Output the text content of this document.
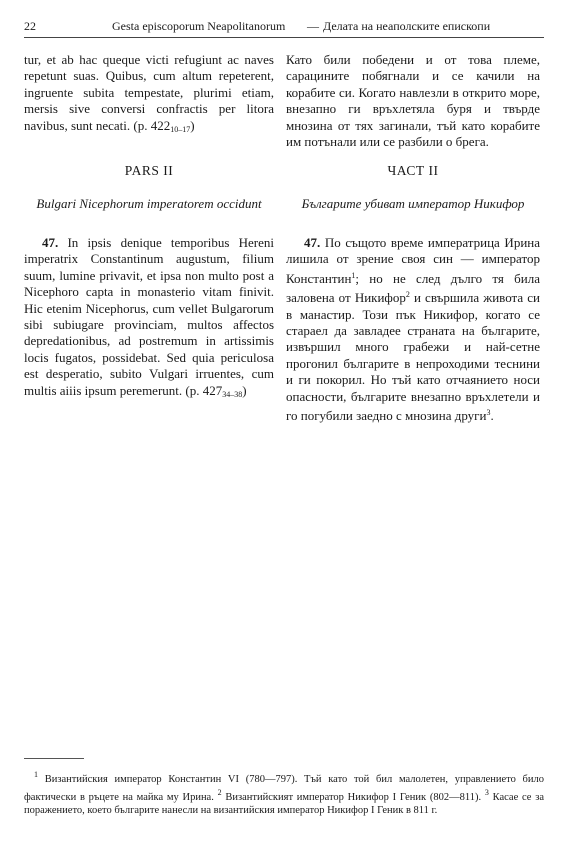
22	Gesta episcoporum Neapolitanorum — Делата на неаполските епископи

tur, et ab hac queque victi refugiunt ac naves repetunt suas. Quibus, cum altum repeterent, ingruente subita tempestate, plurimi etiam, mersis sive conversi confractis per litora navibus, sunt necati. (p. $422_{10-17}$)

Като били победени и от това племе, сарацините побягнали и се качили на корабите си. Когато навлезли в откритo море, внезапно ги връхлетяла буря и твърде мнозина от тях загинали, тъй като корабите им потънали или се разбили о брега.

PARS II	ЧАСТ II
Bulgari Nicephorum imperatorem occidunt	Българите убиват император Никифор

47. In ipsis denique temporibus Hereni imperatrix Constantinum augustum, filium suum, lumine privavit, et ipsa non multo post a Nicephoro capta in monasterio vitam finivit. Hic etenim Nicephorus, cum vellet Bulgarorum sibi subiugare provinciam, multos affectos depredationibus, ad postremum in artissimis locis fugatos, possidebat. Sed quia periculosa est desperatio, subito Vulgari irruentes, cum multis aiiis ipsum peremerunt. (p. $427_{34-38}$)

47. По същото време императрица Ирина лишила от зрение своя син — император Константин$^1$; но не след дълго тя била заловена от Никифор$^2$ и свършила живота си в манастир. Този пък Никифор, когато се старaeл да завладее страната на българите, извършил много грабежи и най-сетне прогонил българите в непроходими теснини и ги покорил. Но тъй като отчаянието носи опасности, българите внезапно връхлетели и го погубили заедно с мнозина други$^3$.

$^1$ Византийския император Константин VI (780—797). Тъй като той бил малолетен, управлението било фактически в ръцете на майка му Ирина. $^2$ Византийският император Никифор I Геник (802—811). $^3$ Касае се за поражението, което българите нанесли на византийския император Никифор I Геник в 811 г.
